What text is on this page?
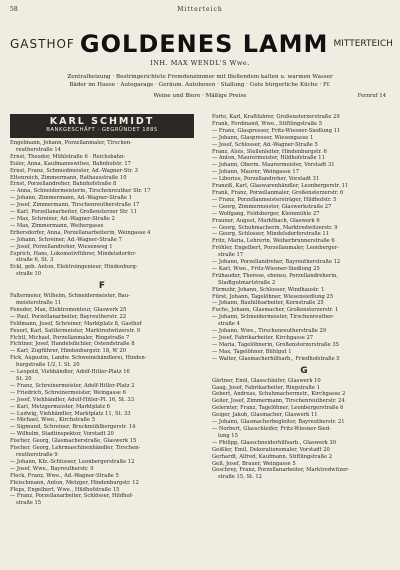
58	Mitterteich
GASTHOF GOLDENES LAMM MITTERTEICH
INH. MAX WENDL'S Wwe.
Zentralheizung · Bestringerichtete Fremdenzimmer mit fließendem kalten u. warmen Wasser
Bäder im Hause · Autogarage · Geräum. Autoboxen · Stallung · Gute bürgerliche Küche · Ff.
Weine und Biere · Mäßige Preise	Fernruf 14
KARL SCHMIDT
BANKGESCHÄFT · GEGRÜNDET 1885

Engelmann, Johann, Porzellanmaler, Tirschen-

reutherstraße 14

Ernst, Theodor, Mühlstraße 6 · Reichsbahn-

Euler, Anna, Kaufmannswitwe, Bahnhofstr. 17

Ernst, Franz, Schmiedmeister, Ad.-Wagner-Str. 3

Ettenreich, Zimmermann, Rathausstraße 10

Ernst, Porzellandreher, Bahnhofstraße 8

— Anna, Schneidermeisterin, Tirschenreuther Str. 17

— Johann, Zimmermann, Ad.-Wagner-Straße 1

— Josef, Zimmermann, Tirschenreutherstraße 17

— Karl, Porzellanarbeiter, Großensterzer Str. 11

— Max, Schreiner, Ad.-Wagner-Straße 2

— Max, Zimmermann, Weihergasse

Erbersdorfer, Anna, Porzellanarbeiterin, Weingasse 4

— Johann, Schreiner, Ad.-Wagner-Straße 7

— Josef, Porzellandreher, Wiesenweg 1

Esprich, Hans, Lokomotivführer, Mindelsdorfer-

straße 6, St. 3

Eckl, geb. Anton, Elektroingenieur, Hindenburg-

straße 10

F

Faltermeier, Wilhelm, Schneidermeister, Bau-

meisterstraße 11

Feneder, Max, Elektromonteur, Glaswerk 25

— Paul, Porzellanarbeiter, Bayreutherstr. 22

Feldmann, Josef, Schreiner, Marktplatz 8, Gasthof

Feuerl, Karl, Sattlermeister, Marktredwitzerstr. 9

Fichtl, Michael, Porzellanmaler, Ringstraße 7

Fichtner, Josef, Handelsfächler, Ostendstraße 8

— Karl, Zugführer, Hindenburgstr. 18, W 20

Fick, Augustin, Landw. Schweinehändlerei, Hinden-

burgstraße 1/2, I. St. 20

— Leopold, Viehhändler, Adolf-Hitler-Platz 16

St. 20

— Franz, Schreinermeister, Adolf-Hitler-Platz 2

— Friedrich, Schreinermeister, Weingasse 6

— Josef, Viehhändler, Adolf-Hitler-Pl. 16, St. 33

— Karl, Metzgermeister, Marktplatz 6

— Ludwig, Viehhändler, Marktplatz 11, St. 33

— Michael, Wwe., Kirchstraße 5

— Sigmund, Schreiner, Bruckmühlbergerstr. 14

— Wilhelm, Stadtinspektor, Vorstadt 20

Fischer, Georg, Glasmacherstraße, Glaswerk 15

Fischer, Georg, Lehrmaschinenhändler, Tirschen-

reutherstraße 9

— Johann, Kfz.-Schlosser, Leonbergerstraße 12

— Josef, Wwe., Bayreutherstr. 9

Fleck, Franz, Wwe., Ad.-Wagner-Straße 5

Fleischmann, Anton, Metzger, Hindenburgstr. 12

Fleps, Engelbert, Wwe., Hildhofstraße 15

— Franz, Porzellanarbeiter, Schlösser, Hildhof-

straße 15

Forte, Karl, Kraftfahrer, Großensterzerstraße 29

Frank, Ferdinand, Wwe., Stiftlingstraße 5

— Franz, Glaspresser, Fritz-Wiesner-Siedlung 11

— Johann, Glaspresser, Wiesengasse 1

— Josef, Schlosser, Ad.-Wagner-Straße 5

Franz, Alois, Stellenleiter, Hindenburgstr. 6

— Anton, Maurermeister, Hildhofstraße 11

— Johann, Oberm. Maurermeister, Vorstadt 31

— Johann, Maurer, Weingasse 17

— Liborius, Porzellandreher, Vorstadt 31

Franziß, Karl, Glaswarenhändler, Leonbergerstr. 11

Frank, Franz, Porzellanmaler, Großensterzerstr. 6

— Franz, Porzellanmeistersträger, Hildhofstr. 5

— Georg, Zimmermeister, Glaswerkstraße 27

— Wolfgang, Feldsberger, Kleinmühle 27

Frauner, August, Marktbach, Glaswerk 6

— Georg, Schuhmacherin, Marktredwitzerstr. 9

— Georg, Schlosser, Mindelsdorferstraße 11

Fritz, Maria, Lehrerin, Weiherbrunnerstraße 6

Fröhler, Engelbert, Porzellanmaler, Leonberger-

straße 17

— Johann, Porzellandreher, Bayreutherstraße 12

— Karl, Wwe., Fritz-Wiesner-Siedlung 25

Frühauder, Therese, ebenso, Porzellandreherin,

Stadtgutmartstraße 2

Fürmohr, Johann, Schlosser, Windhaustr. 1

Fürst, Johann, Tagelöhner, Wiesensiedlung 25

— Johann, Bauhilfsarbeiter, Kornstraße 25

Fuchs, Johann, Glasmacher, Großensterzerstr. 1

— Johann, Schneidermeister, Tirschenreuther-

straße 4

— Johann, Wwe., Tirschenreutherstraße 29

— Josef, Fabrikarbeiter, Kirchgasse 27

— Maria, Tagelöhnerin, Großensterzerstraße 35

— Max, Tagelöhner, Bühlgut 1

— Walter, Glasmacherhilfsarb., Friedhofstraße 5

G

Gärtner, Emil, Glasschleifer, Glaswerk 10

Gaag, Josef, Fabrikarbeiter, Ringstraße 1

Gebert, Andreas, Schuhmachermstr., Kirchgasse 2

Geiler, Josef, Zimmermann, Tirschenreutherstr. 24

Gelernter, Franz, Tagelöhner, Leonbergerstraße 6

Geiger, Jakob, Glasmacher, Glaswerk 11

— Johann, Glasmacherbegleiter, Bayreutherstr. 21

— Norbert, Glasschleifer, Fritz-Wiesner-Sied-

lung 15

— Philipp, Glasschneiderhilfsarb., Glaswerk 30

Geißler, Emil, Dekorationsmaler, Vorstadt 20

Gerhardt, Alfred, Kaufmann, Stiftlingstraße 2

Geß, Josef, Brauer, Weingasse 5

Geschrey, Franz, Porzellanarbeiter, Marktredwitzer-

straße 15, St. 12
